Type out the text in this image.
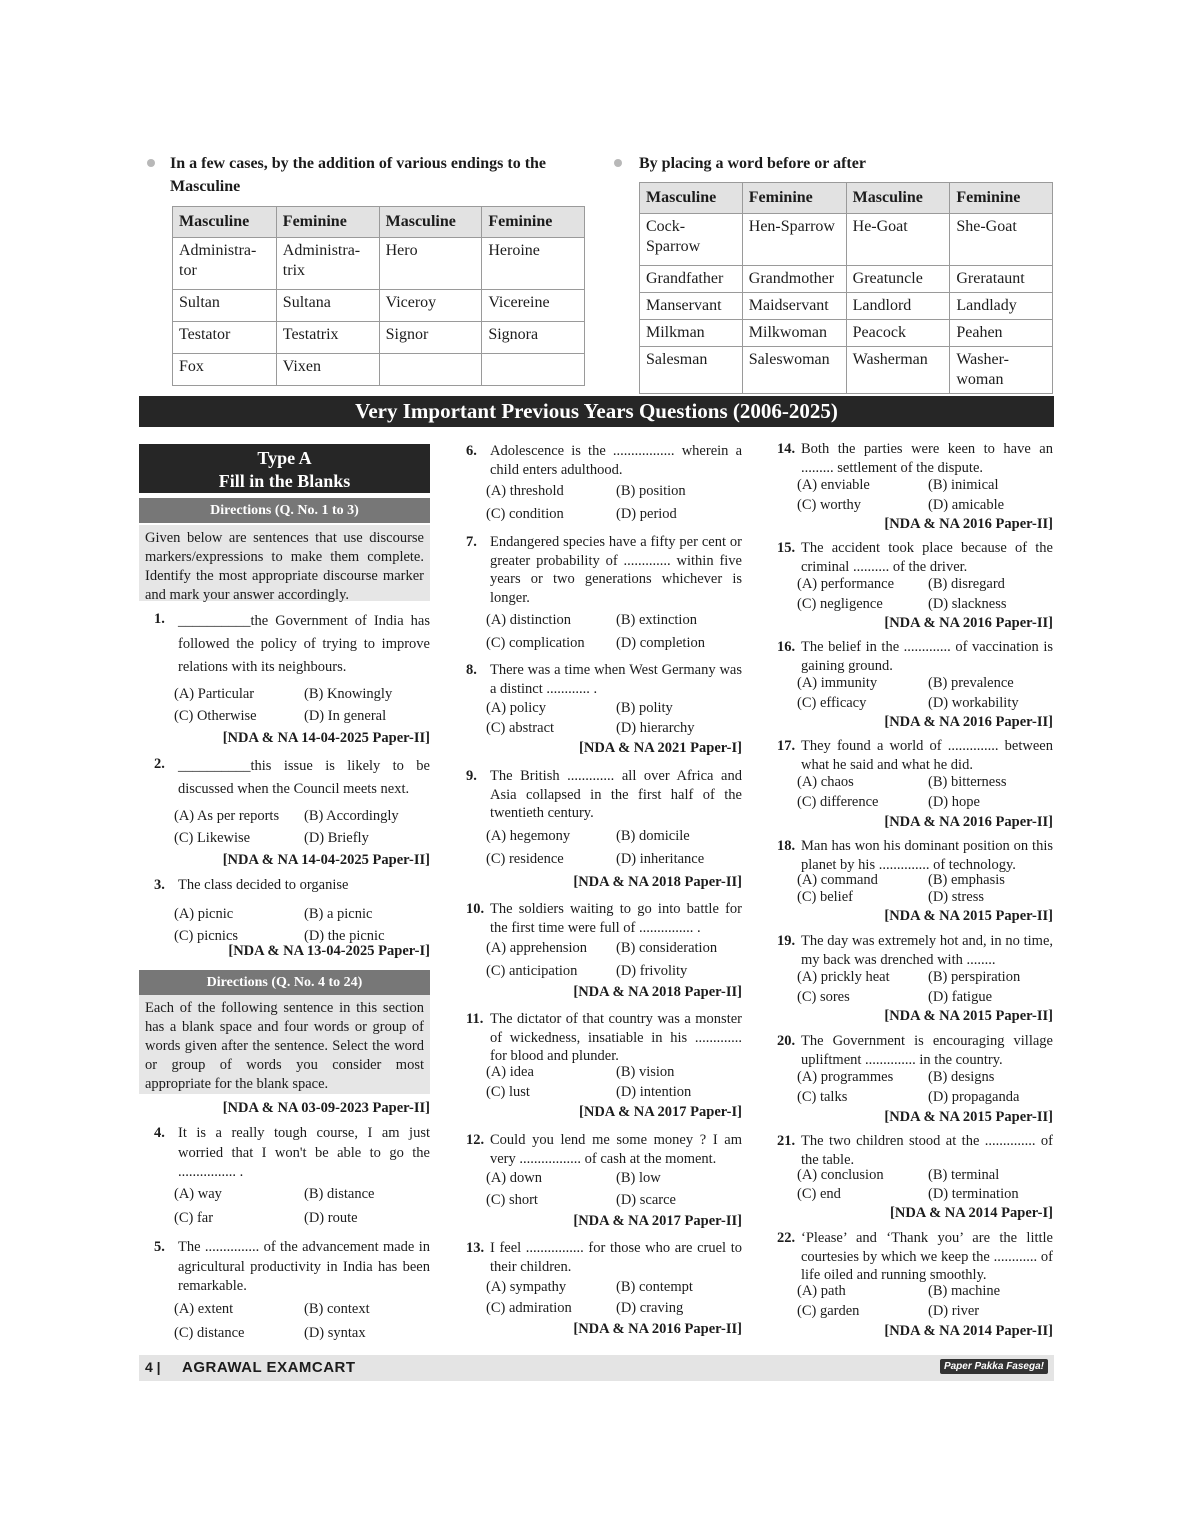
In a few cases, by the addition of various endings to the Masculine
Masculine	Feminine	Masculine	Feminine
Administra-tor	Administra-trix	Hero	Heroine
Sultan	Sultana	Viceroy	Vicereine
Testator	Testatrix	Signor	Signora
Fox	Vixen		
By placing a word before or after
Masculine	Feminine	Masculine	Feminine
Cock-Sparrow	Hen-Sparrow	He-Goat	She-Goat
Grandfather	Grandmother	Greatuncle	Grerataunt
Manservant	Maidservant	Landlord	Landlady
Milkman	Milkwoman	Peacock	Peahen
Salesman	Saleswoman	Washerman	Washer-woman
Very Important Previous Years Questions (2006-2025)
Type A
Fill in the Blanks
Directions (Q. No. 1 to 3)
Given below are sentences that use discourse markers/expressions to make them complete. Identify the most appropriate discourse marker and mark your answer accordingly.
Directions (Q. No. 4 to 24)
Each of the following sentence in this section has a blank space and four words or group of words given after the sentence. Select the word or group of words you consider most appropriate for the blank space.
[NDA & NA 03-09-2023 Paper-II]
1. __________the Government of India has followed the policy of trying to improve relations with its neighbours.
(A) Particular	(B) Knowingly
(C) Otherwise	(D) In general
[NDA & NA 14-04-2025 Paper-II]
2. __________this issue is likely to be discussed when the Council meets next.
(A) As per reports (B) Accordingly
(C) Likewise	(D) Briefly
[NDA & NA 14-04-2025 Paper-II]
3. The class decided to organise
(A) picnic	(B) a picnic
(C) picnics	(D) the picnic
[NDA & NA 13-04-2025 Paper-I]
4. It is a really tough course, I am just worried that I won't be able to go the ................ .
(A) way	(B) distance
(C) far	(D) route
5. The ............... of the advancement made in agricultural productivity in India has been remarkable.
(A) extent	(B) context
(C) distance	(D) syntax
6. Adolescence is the ................. wherein a child enters adulthood.
(A) threshold	(B) position
(C) condition	(D) period
7. Endangered species have a fifty per cent or greater probability of ............. within five years or two generations whichever is longer.
(A) distinction	(B) extinction
(C) complication (D) completion
8. There was a time when West Germany was a distinct ............ .
(A) policy	(B) polity
(C) abstract	(D) hierarchy
[NDA & NA 2021 Paper-I]
9. The British ............. all over Africa and Asia collapsed in the first half of the twentieth century.
(A) hegemony	(B) domicile
(C) residence	(D) inheritance
[NDA & NA 2018 Paper-II]
10. The soldiers waiting to go into battle for the first time were full of ............... .
(A) apprehension (B) consideration
(C) anticipation	(D) frivolity
[NDA & NA 2018 Paper-II]
11. The dictator of that country was a monster of wickedness, insatiable in his ............. for blood and plunder.
(A) idea	(B) vision
(C) lust	(D) intention
[NDA & NA 2017 Paper-I]
12. Could you lend me some money ? I am very ................. of cash at the moment.
(A) down	(B) low
(C) short	(D) scarce
[NDA & NA 2017 Paper-II]
13. I feel ................ for those who are cruel to their children.
(A) sympathy	(B) contempt
(C) admiration	(D) craving
[NDA & NA 2016 Paper-II]
14. Both the parties were keen to have an ......... settlement of the dispute.
(A) enviable	(B) inimical
(C) worthy	(D) amicable
[NDA & NA 2016 Paper-II]
15. The accident took place because of the criminal .......... of the driver.
(A) performance (B) disregard
(C) negligence	(D) slackness
[NDA & NA 2016 Paper-II]
16. The belief in the ............. of vaccination is gaining ground.
(A) immunity	(B) prevalence
(C) efficacy	(D) workability
[NDA & NA 2016 Paper-II]
17. They found a world of .............. between what he said and what he did.
(A) chaos	(B) bitterness
(C) difference	(D) hope
[NDA & NA 2016 Paper-II]
18. Man has won his dominant position on this planet by his .............. of technology.
(A) command	(B) emphasis
(C) belief	(D) stress
[NDA & NA 2015 Paper-II]
19. The day was extremely hot and, in no time, my back was drenched with ........
(A) prickly heat	(B) perspiration
(C) sores	(D) fatigue
[NDA & NA 2015 Paper-II]
20. The Government is encouraging village upliftment .............. in the country.
(A) programmes (B) designs
(C) talks	(D) propaganda
[NDA & NA 2015 Paper-II]
21. The two children stood at the .............. of the table.
(A) conclusion	(B) terminal
(C) end	(D) termination
[NDA & NA 2014 Paper-I]
22. ‘Please’ and ‘Thank you’ are the little courtesies by which we keep the ............ of life oiled and running smoothly.
(A) path	(B) machine
(C) garden	(D) river
[NDA & NA 2014 Paper-II]
4 | AGRAWAL EXAMCART	Paper Pakka Fasega!
